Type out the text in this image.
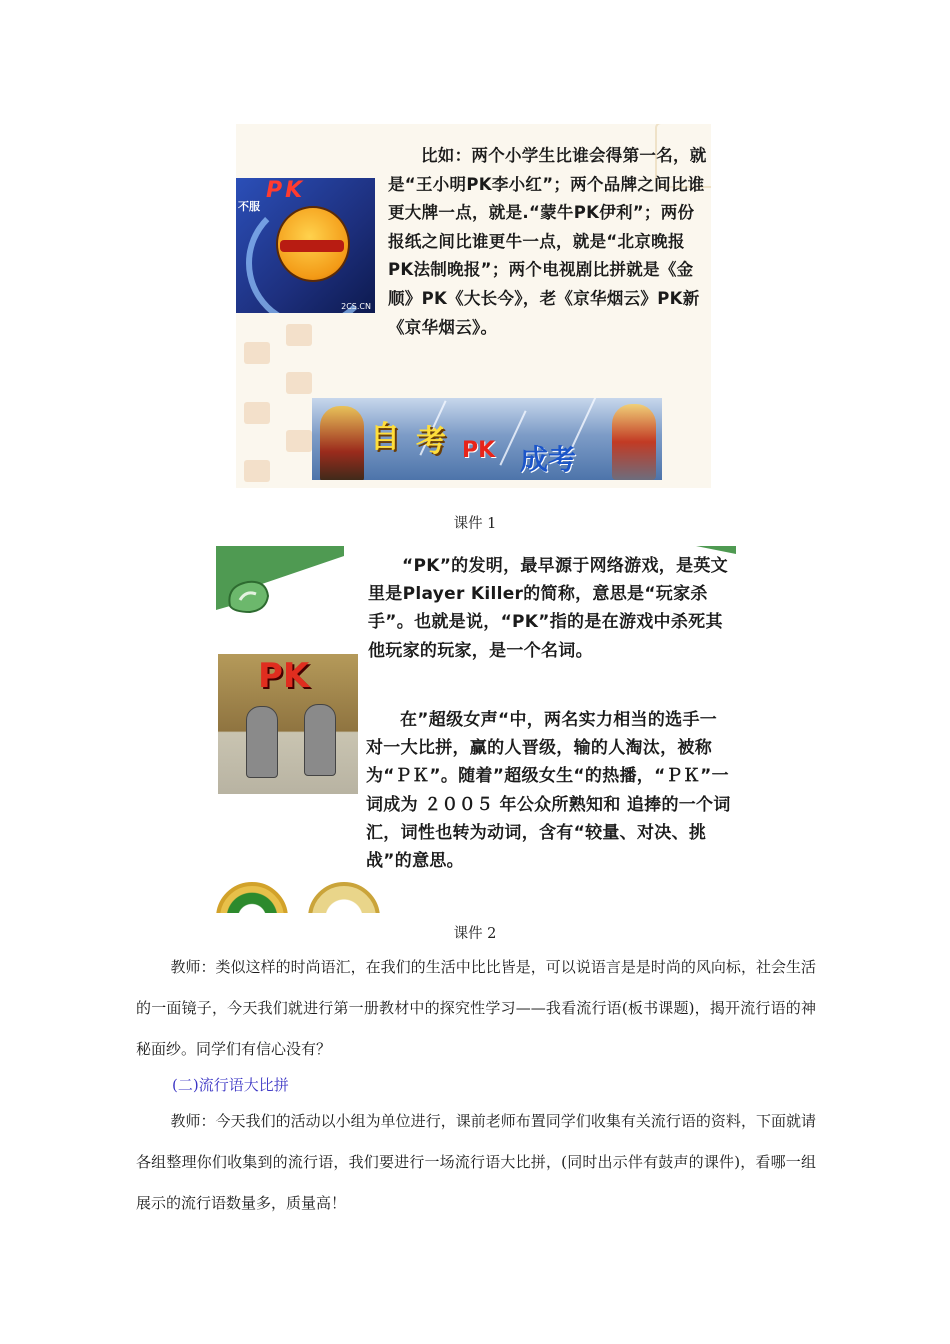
不服
PK
2CS.CN
比如：两个小学生比谁会得第一名，就是“王小明PK李小红”；两个品牌之间比谁更大牌一点，就是.“蒙牛PK伊利”；两份报纸之间比谁更牛一点，就是“北京晚报PK法制晚报”；两个电视剧比拼就是《金顺》PK《大长今》，老《京华烟云》PK新《京华烟云》。
自 考 PK 成考
课件 1
PK
“PK”的发明，最早源于网络游戏，是英文里是Player Killer的简称，意思是“玩家杀手”。也就是说，“PK”指的是在游戏中杀死其他玩家的玩家，是一个名词。
在”超级女声“中，两名实力相当的选手一对一大比拼，赢的人晋级，输的人淘汰，被称为“ＰＫ”。随着”超级女生“的热播，“ＰＫ”一词成为 ２００５ 年公众所熟知和 追捧的一个词汇，词性也转为动词，含有“较量、对决、挑战”的意思。
课件 2
教师：类似这样的时尚语汇，在我们的生活中比比皆是，可以说语言是是时尚的风向标，社会生活的一面镜子，今天我们就进行第一册教材中的探究性学习——我看流行语(板书课题)，揭开流行语的神秘面纱。同学们有信心没有？
(二)流行语大比拼
教师：今天我们的活动以小组为单位进行，课前老师布置同学们收集有关流行语的资料，下面就请各组整理你们收集到的流行语，我们要进行一场流行语大比拼，(同时出示伴有鼓声的课件)，看哪一组展示的流行语数量多，质量高！
